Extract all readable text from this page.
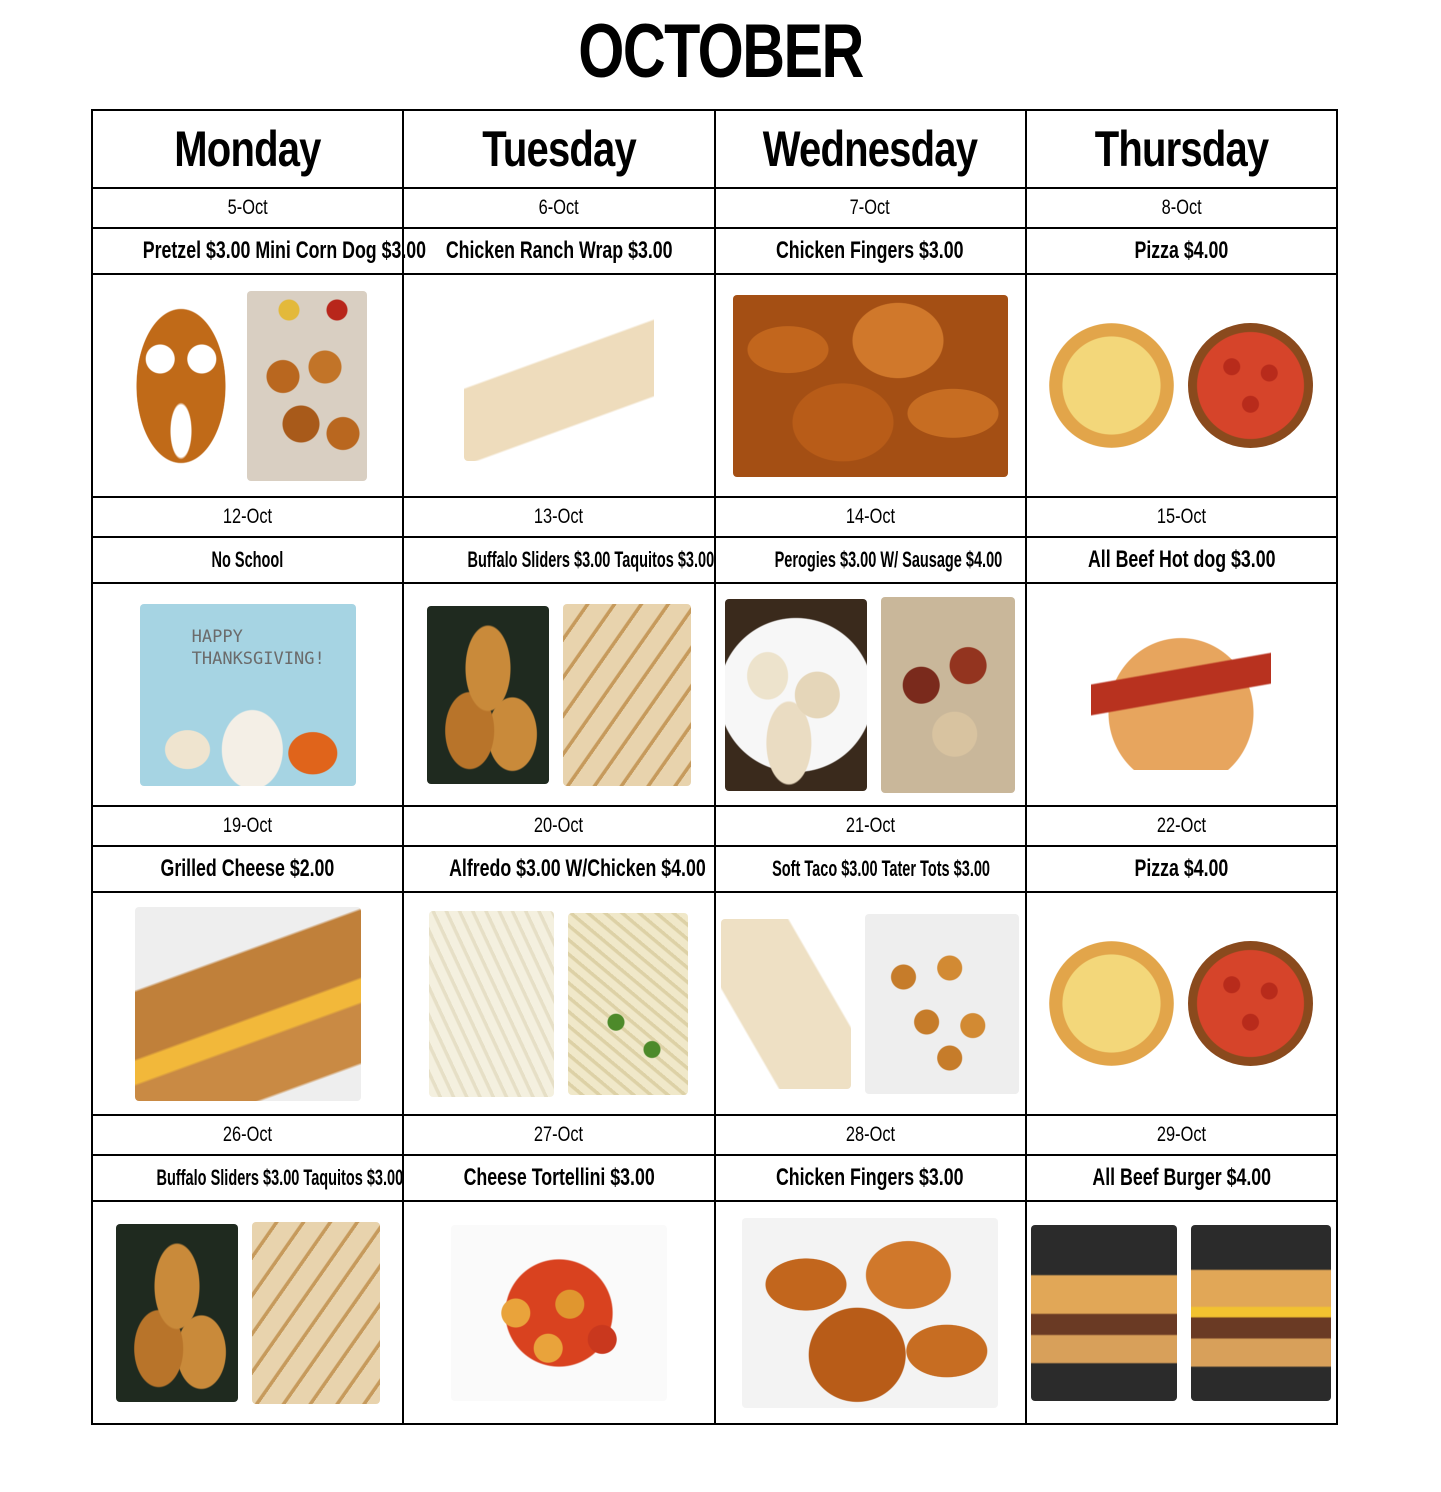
OCTOBER
Monday	Tuesday	Wednesday	Thursday
5-Oct	6-Oct	7-Oct	8-Oct
Pretzel $3.00 Mini Corn Dog $3.00	Chicken Ranch Wrap $3.00	Chicken Fingers $3.00	Pizza $4.00

12-Oct	13-Oct	14-Oct	15-Oct
No School	Buffalo Sliders $3.00 Taquitos $3.00	Perogies $3.00 W/ Sausage $4.00	All Beef Hot dog $3.00

HAPPY
THANKSGIVING!			

19-Oct	20-Oct	21-Oct	22-Oct
Grilled Cheese $2.00	Alfredo $3.00 W/Chicken $4.00	Soft Taco $3.00 Tater Tots $3.00	Pizza $4.00

26-Oct	27-Oct	28-Oct	29-Oct
Buffalo Sliders $3.00 Taquitos $3.00	Cheese Tortellini $3.00	Chicken Fingers $3.00	All Beef Burger $4.00
